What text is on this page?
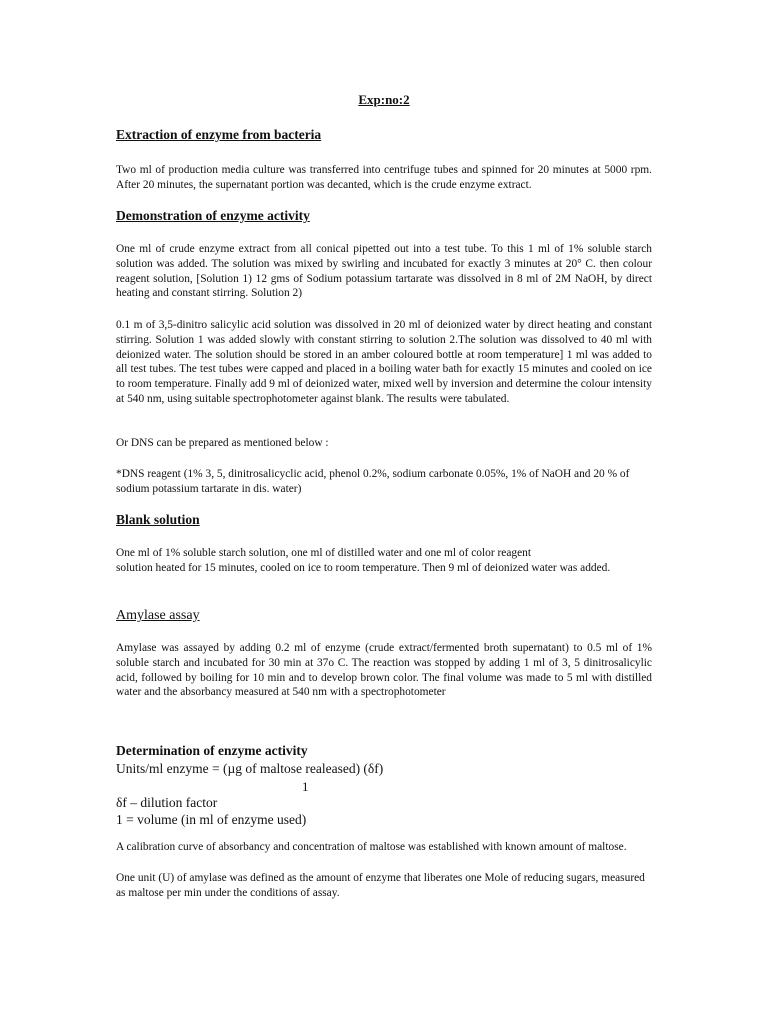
Exp:no:2

Extraction of enzyme from bacteria

Two ml of production media culture was transferred into centrifuge tubes and spinned for 20 minutes at 5000 rpm. After 20 minutes, the supernatant portion was decanted, which is the crude enzyme extract.

Demonstration of enzyme activity

One ml of crude enzyme extract from all conical pipetted out into a test tube. To this 1 ml of 1% soluble starch solution was added. The solution was mixed by swirling and incubated for exactly 3 minutes at 20° C. then colour reagent solution, [Solution 1) 12 gms of Sodium potassium tartarate was dissolved in 8 ml of 2M NaOH, by direct heating and constant stirring. Solution 2)

0.1 m of 3,5-dinitro salicylic acid solution was dissolved in 20 ml of deionized water by direct heating and constant stirring. Solution 1 was added slowly with constant stirring to solution 2.The solution was dissolved to 40 ml with deionized water. The solution should be stored in an amber coloured bottle at room temperature] 1 ml was added to all test tubes. The test tubes were capped and placed in a boiling water bath for exactly 15 minutes and cooled on ice to room temperature. Finally add 9 ml of deionized water, mixed well by inversion and determine the colour intensity at 540 nm, using suitable spectrophotometer against blank. The results were tabulated.

Or DNS can be prepared as mentioned below :

*DNS reagent (1% 3, 5, dinitrosalicyclic acid, phenol 0.2%, sodium carbonate 0.05%, 1% of NaOH and 20 % of sodium potassium tartarate in dis. water)

Blank solution

One ml of 1% soluble starch solution, one ml of distilled water and one ml of color reagent

solution heated for 15 minutes, cooled on ice to room temperature. Then 9 ml of deionized water was added.

Amylase assay

Amylase was assayed by adding 0.2 ml of enzyme (crude extract/fermented broth supernatant) to 0.5 ml of 1% soluble starch and incubated for 30 min at 37o C. The reaction was stopped by adding 1 ml of 3, 5 dinitrosalicylic acid, followed by boiling for 10 min and to develop brown color. The final volume was made to 5 ml with distilled water and the absorbancy measured at 540 nm with a spectrophotometer

Determination of enzyme activity

Units/ml enzyme = (µg of maltose realeased) (δf)

1

δf – dilution factor

1 = volume (in ml of enzyme used)

A calibration curve of absorbancy and concentration of maltose was established with known amount of maltose.

One unit (U) of amylase was defined as the amount of enzyme that liberates one Mole of reducing sugars, measured as maltose per min under the conditions of assay.
